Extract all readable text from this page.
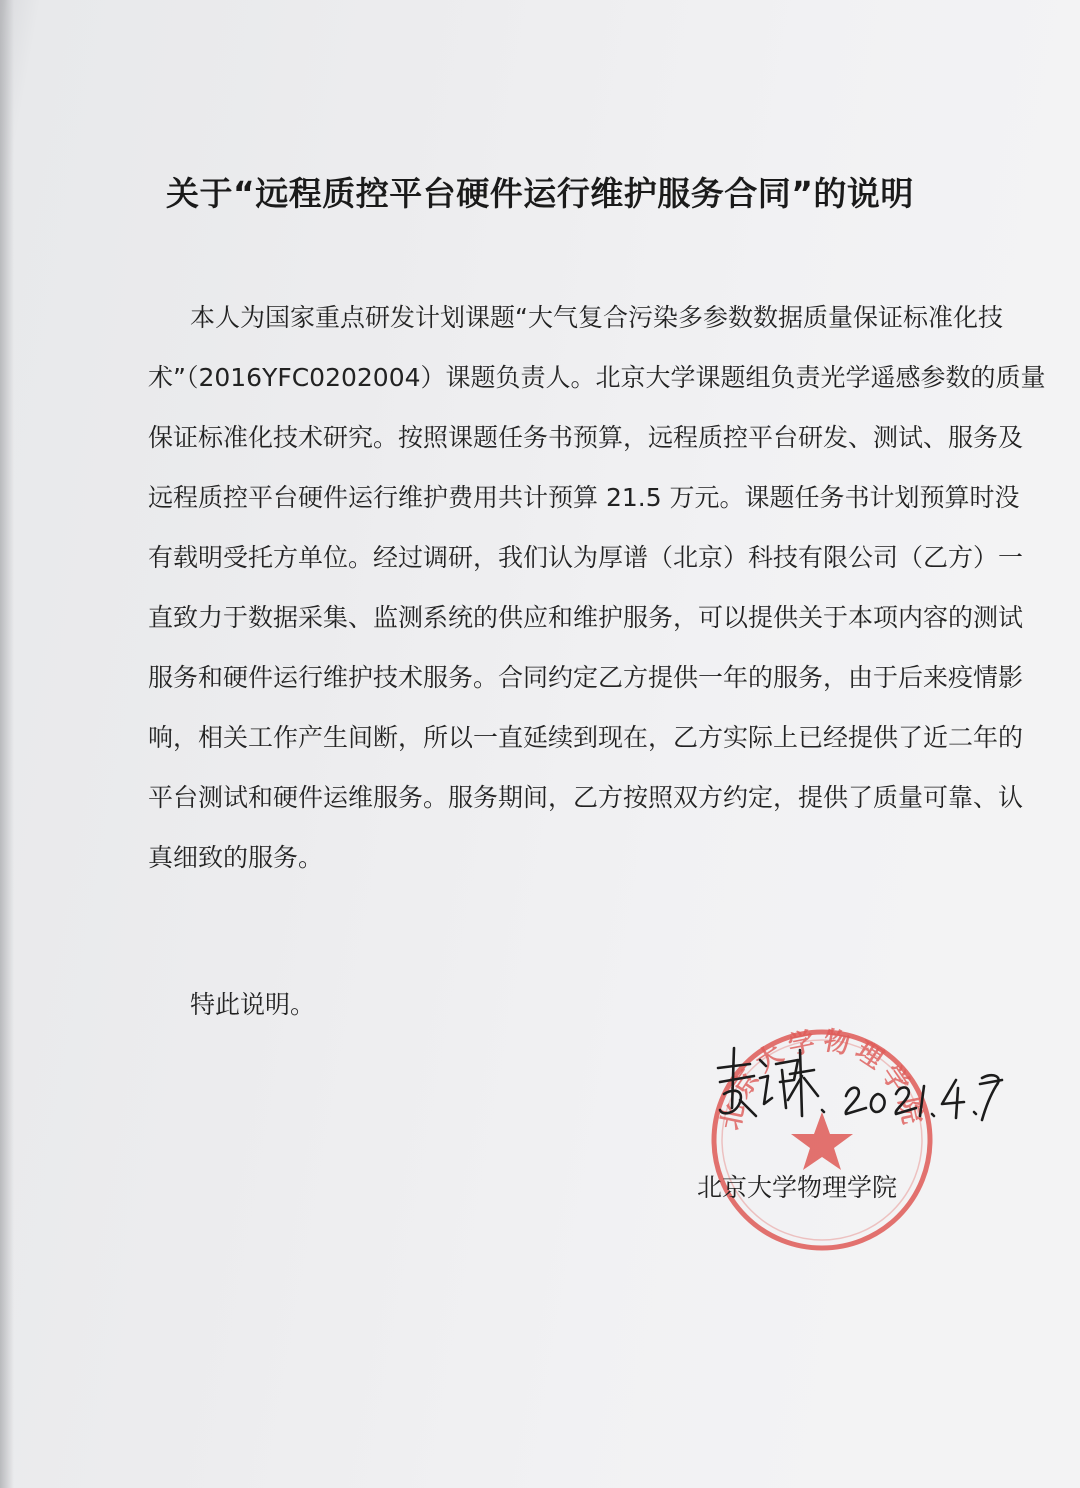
关于“远程质控平台硬件运行维护服务合同”的说明
本人为国家重点研发计划课题“大气复合污染多参数数据质量保证标准化技
术”（2016YFC0202004）课题负责人。北京大学课题组负责光学遥感参数的质量
保证标准化技术研究。按照课题任务书预算，远程质控平台研发、测试、服务及
远程质控平台硬件运行维护费用共计预算 21.5 万元。课题任务书计划预算时没
有载明受托方单位。经过调研，我们认为厚谱（北京）科技有限公司（乙方）一
直致力于数据采集、监测系统的供应和维护服务，可以提供关于本项内容的测试
服务和硬件运行维护技术服务。合同约定乙方提供一年的服务，由于后来疫情影
响，相关工作产生间断，所以一直延续到现在，乙方实际上已经提供了近二年的
平台测试和硬件运维服务。服务期间，乙方按照双方约定，提供了质量可靠、认
真细致的服务。
特此说明。
北京大学物理学院
北京大学物理学院
